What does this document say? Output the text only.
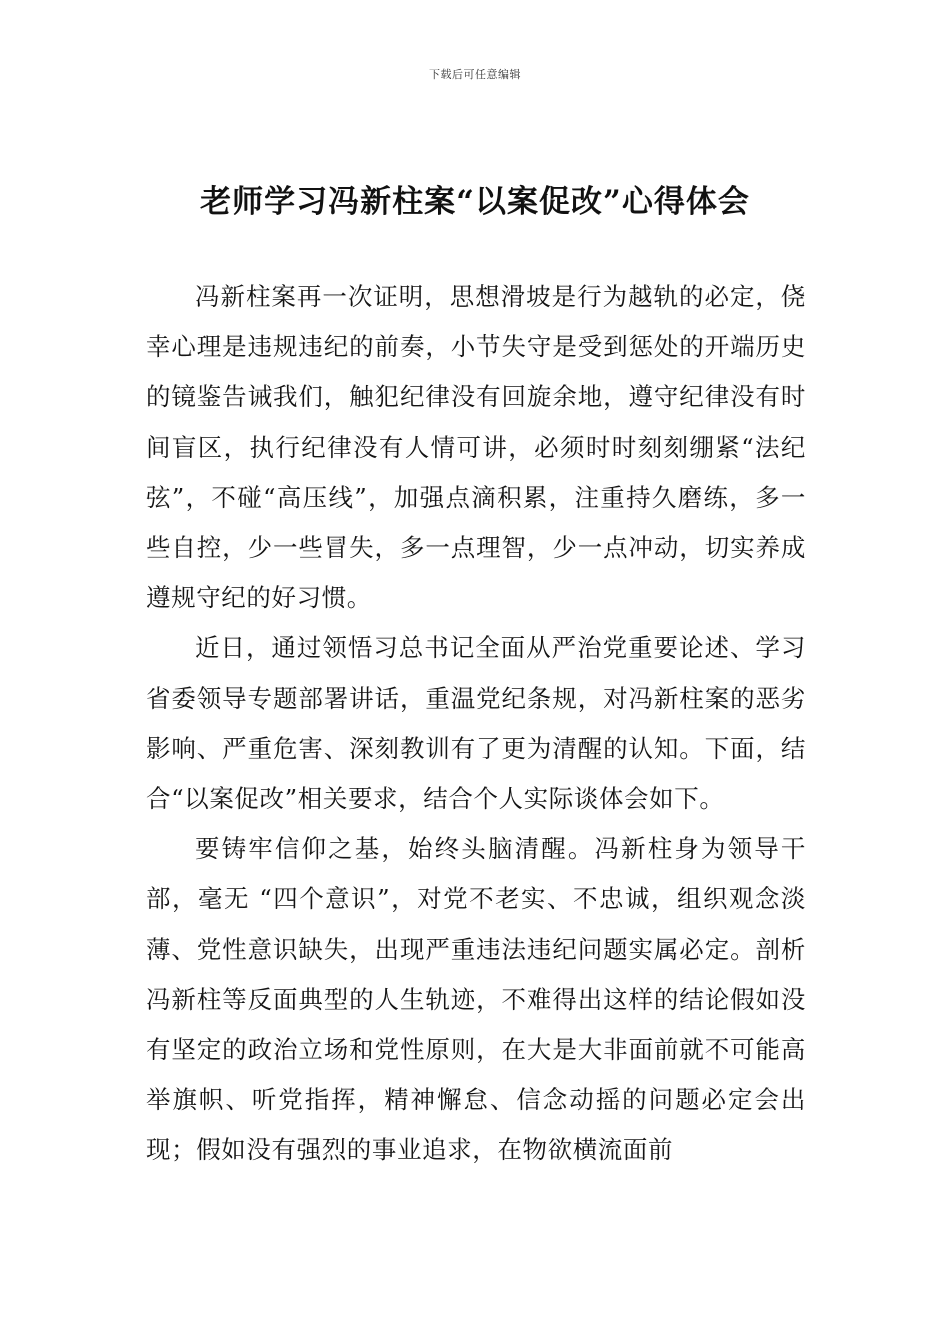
下载后可任意编辑
老师学习冯新柱案“以案促改”心得体会

冯新柱案再一次证明，思想滑坡是行为越轨的必定，侥幸心理是违规违纪的前奏，小节失守是受到惩处的开端历史的镜鉴告诫我们，触犯纪律没有回旋余地，遵守纪律没有时间盲区，执行纪律没有人情可讲，必须时时刻刻绷紧“法纪弦”，不碰“高压线”，加强点滴积累，注重持久磨练，多一些自控，少一些冒失，多一点理智，少一点冲动，切实养成遵规守纪的好习惯。

近日，通过领悟习总书记全面从严治党重要论述、学习省委领导专题部署讲话，重温党纪条规，对冯新柱案的恶劣影响、严重危害、深刻教训有了更为清醒的认知。下面，结合“以案促改”相关要求，结合个人实际谈体会如下。

要铸牢信仰之基，始终头脑清醒。冯新柱身为领导干部，毫无 “四个意识”，对党不老实、不忠诚，组织观念淡薄、党性意识缺失，出现严重违法违纪问题实属必定。剖析冯新柱等反面典型的人生轨迹，不难得出这样的结论假如没有坚定的政治立场和党性原则，在大是大非面前就不可能高举旗帜、听党指挥，精神懈怠、信念动摇的问题必定会出现；假如没有强烈的事业追求，在物欲横流面前
